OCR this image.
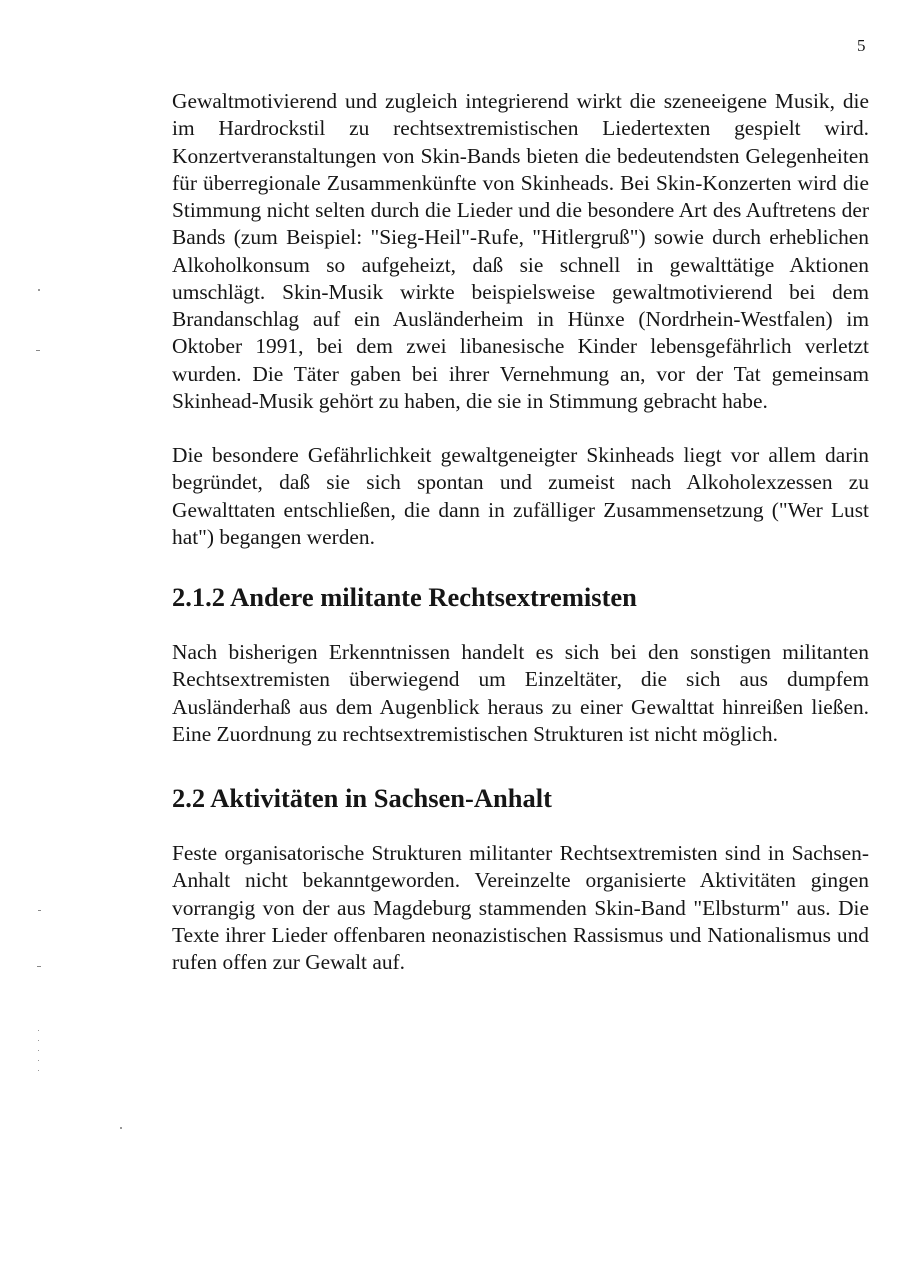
5

Gewaltmotivierend und zugleich integrierend wirkt die szeneeigene Musik, die im Hardrockstil zu rechtsextremistischen Liedertexten gespielt wird. Konzertveranstaltungen von Skin-Bands bieten die bedeutendsten Gelegenheiten für überregionale Zusammenkünfte von Skinheads. Bei Skin-Konzerten wird die Stimmung nicht selten durch die Lieder und die besondere Art des Auftretens der Bands (zum Beispiel: "Sieg-Heil"-Rufe, "Hitlergruß") sowie durch erheblichen Alkoholkonsum so aufgeheizt, daß sie schnell in gewalttätige Aktionen umschlägt. Skin-Musik wirkte beispielsweise gewaltmotivierend bei dem Brandanschlag auf ein Ausländerheim in Hünxe (Nordrhein-Westfalen) im Oktober 1991, bei dem zwei libanesische Kinder lebensgefährlich verletzt wurden. Die Täter gaben bei ihrer Vernehmung an, vor der Tat gemeinsam Skinhead-Musik gehört zu haben, die sie in Stimmung gebracht habe.

Die besondere Gefährlichkeit gewaltgeneigter Skinheads liegt vor allem darin begründet, daß sie sich spontan und zumeist nach Alkoholexzessen zu Gewalttaten entschließen, die dann in zufälliger Zusammensetzung ("Wer Lust hat") begangen werden.

2.1.2 Andere militante Rechtsextremisten

Nach bisherigen Erkenntnissen handelt es sich bei den sonstigen militanten Rechtsextremisten überwiegend um Einzeltäter, die sich aus dumpfem Ausländerhaß aus dem Augenblick heraus zu einer Gewalttat hinreißen ließen. Eine Zuordnung zu rechtsextremistischen Strukturen ist nicht möglich.

2.2 Aktivitäten in Sachsen-Anhalt

Feste organisatorische Strukturen militanter Rechtsextremisten sind in Sachsen-Anhalt nicht bekanntgeworden. Vereinzelte organisierte Aktivitäten gingen vorrangig von der aus Magdeburg stammenden Skin-Band "Elbsturm" aus. Die Texte ihrer Lieder offenbaren neonazistischen Rassismus und Nationalismus und rufen offen zur Gewalt auf.
